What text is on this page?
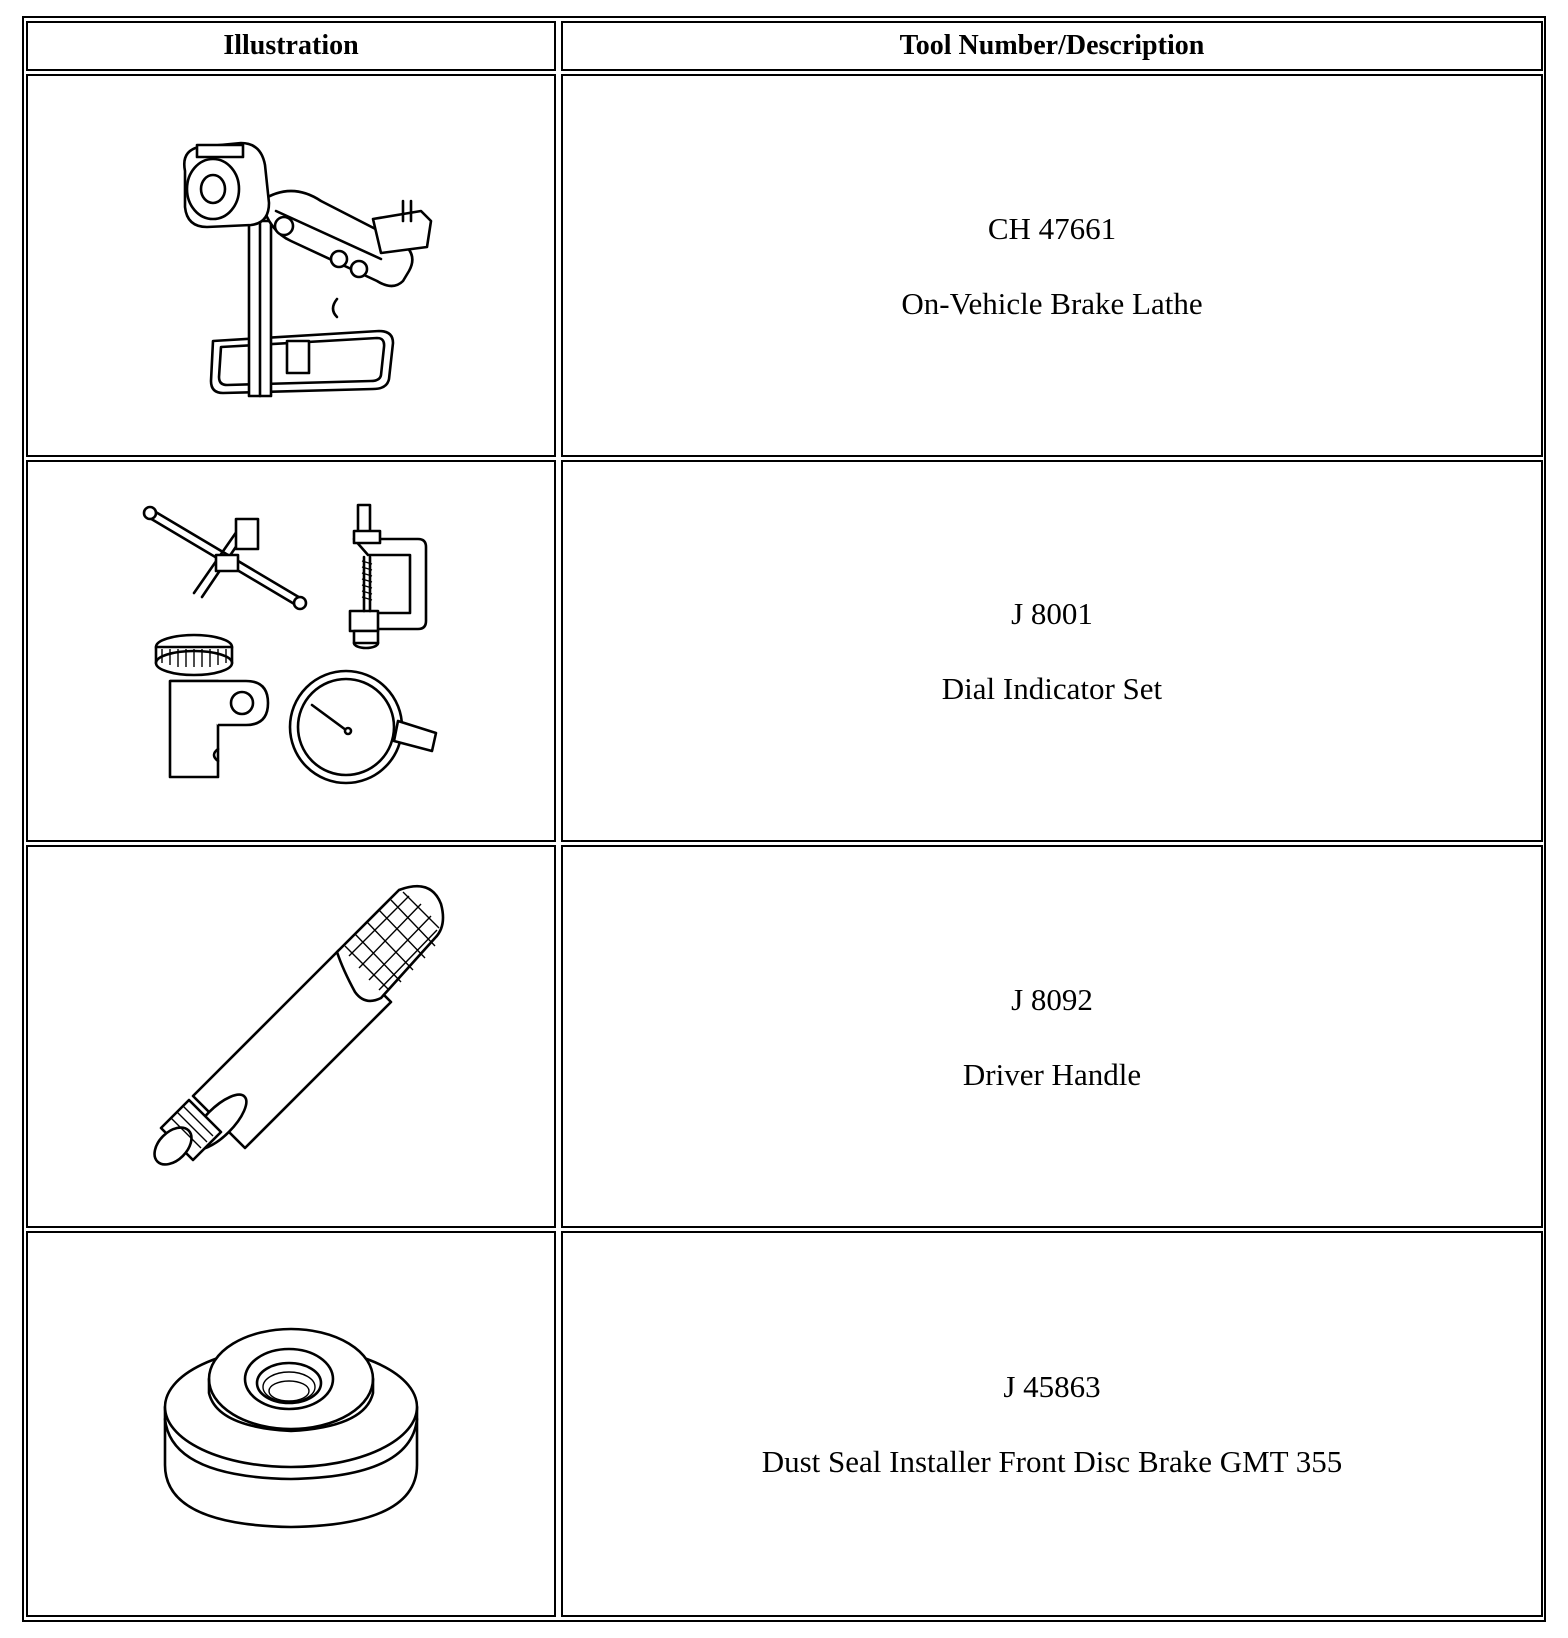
Illustration	Tool Number/Description
CH 47661
On-Vehicle Brake Lathe
J 8001
Dial Indicator Set
J 8092
Driver Handle
J 45863
Dust Seal Installer Front Disc Brake GMT 355
